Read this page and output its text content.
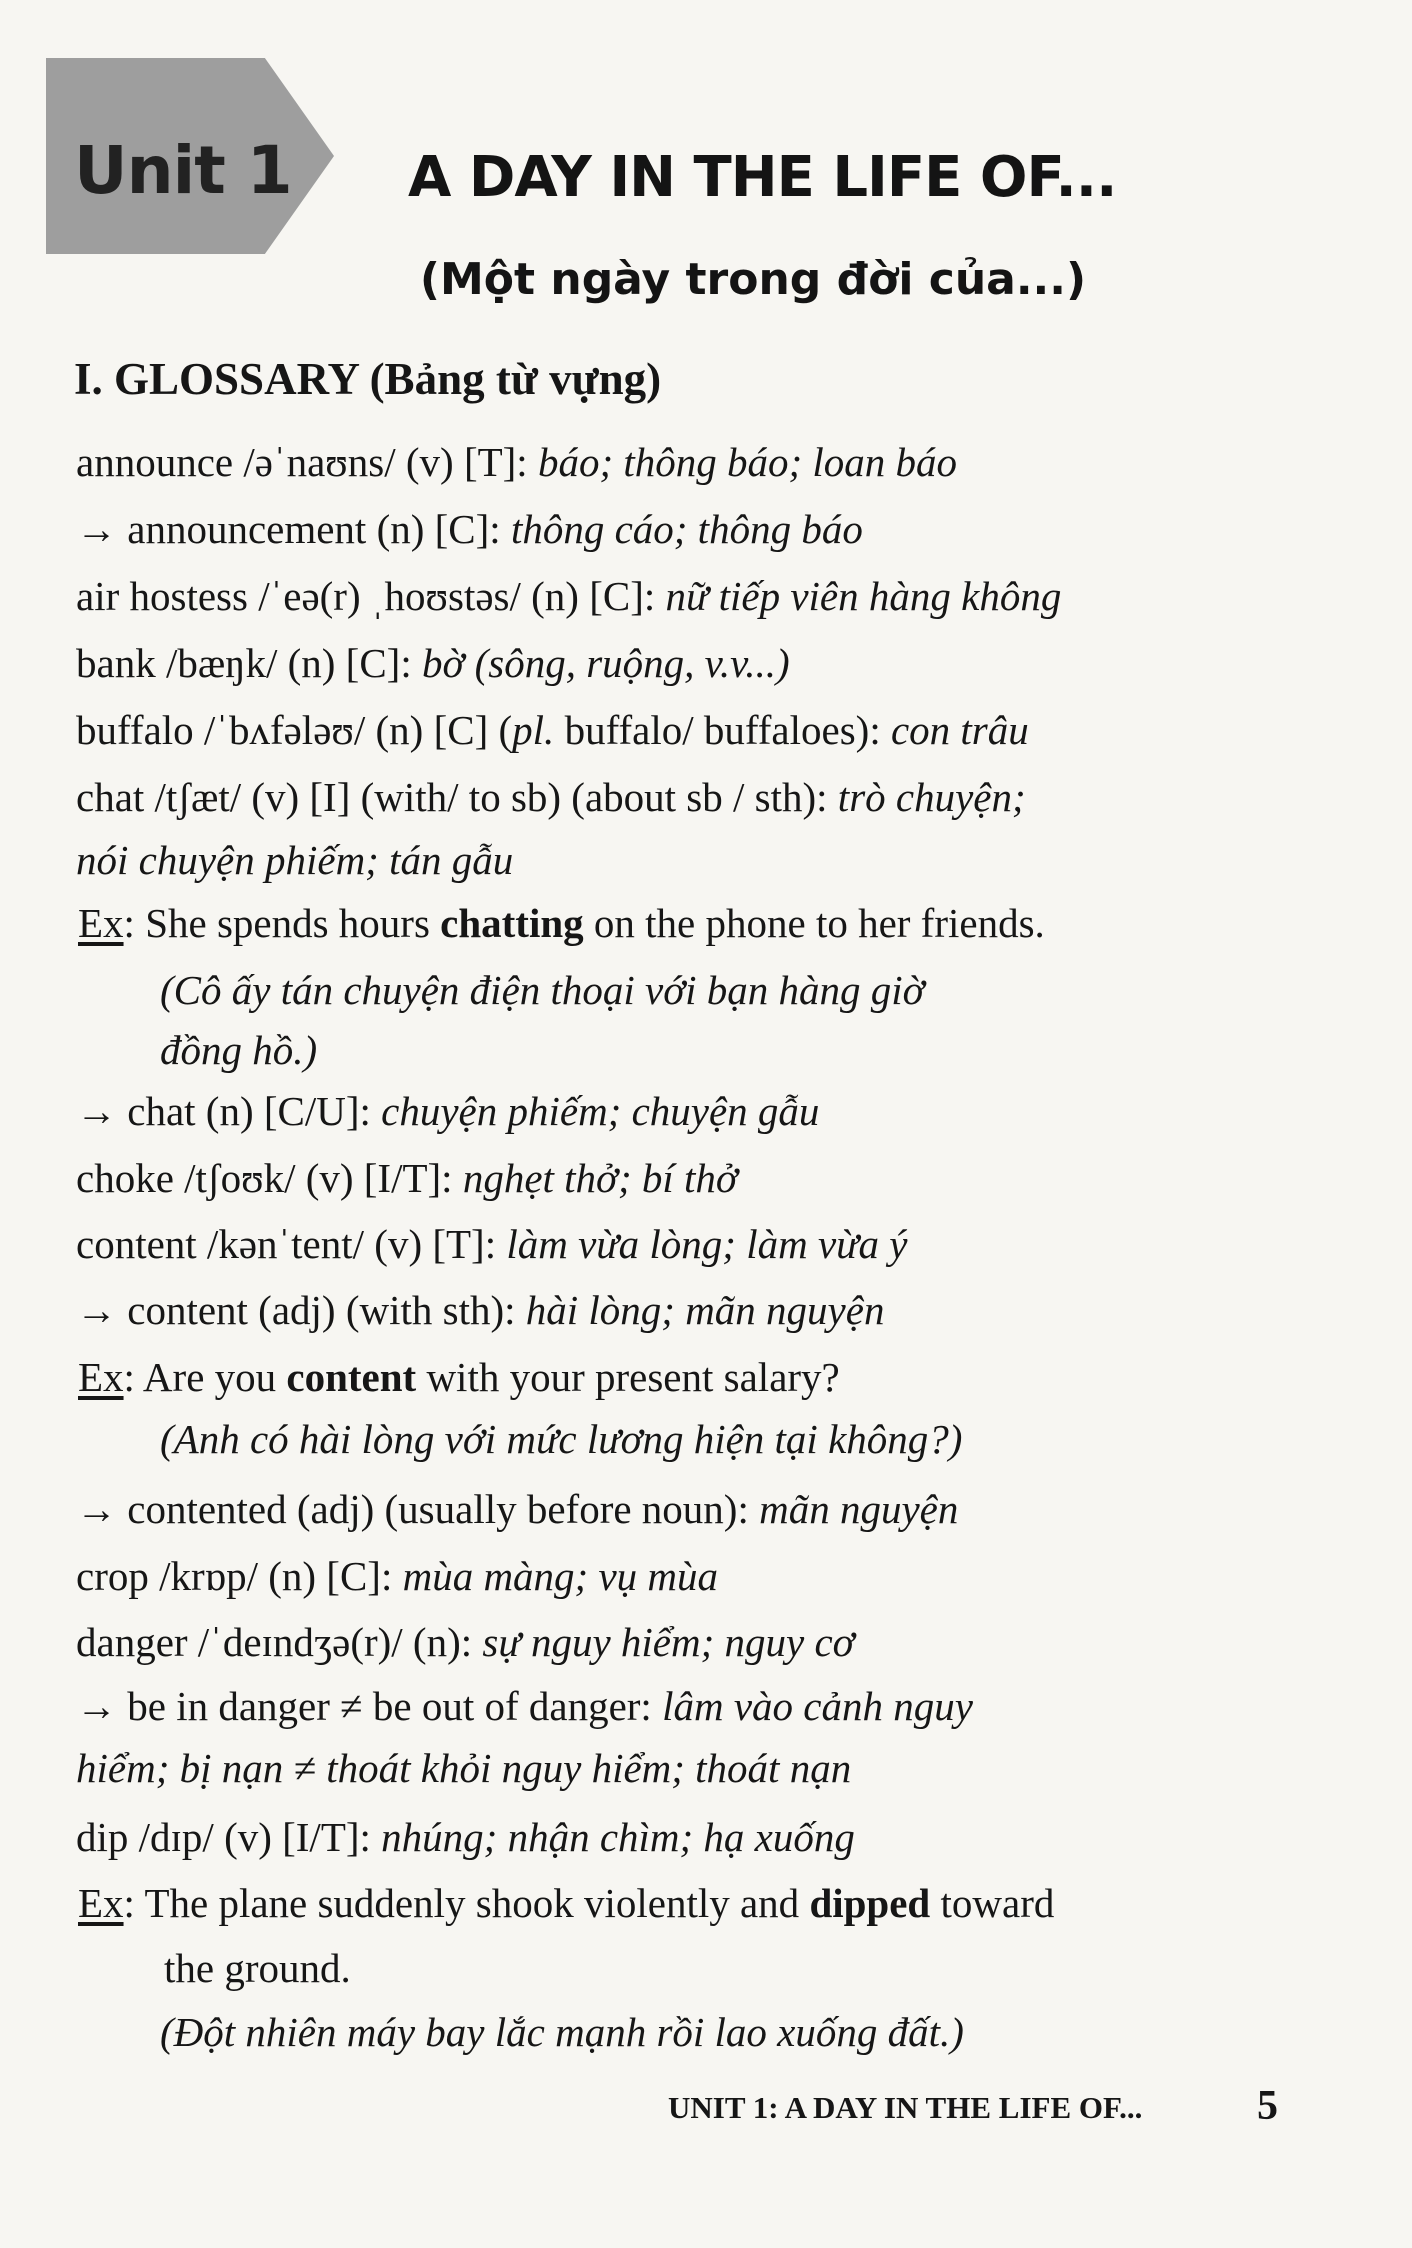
Unit 1 A DAY IN THE LIFE OF...
(Một ngày trong đời của...)
I. GLOSSARY (Bảng từ vựng)
announce /əˈnaʊns/ (v) [T]: báo; thông báo; loan báo
→ announcement (n) [C]: thông cáo; thông báo
air hostess /ˈeə(r) ˌhoʊstəs/ (n) [C]: nữ tiếp viên hàng không
bank /bæŋk/ (n) [C]: bờ (sông, ruộng, v.v...)
buffalo /ˈbʌfələʊ/ (n) [C] (pl. buffalo/ buffaloes): con trâu
chat /tʃæt/ (v) [I] (with/ to sb) (about sb / sth): trò chuyện;
nói chuyện phiếm; tán gẫu
Ex: She spends hours chatting on the phone to her friends.
(Cô ấy tán chuyện điện thoại với bạn hàng giờ
đồng hồ.)
→ chat (n) [C/U]: chuyện phiếm; chuyện gẫu
choke /tʃoʊk/ (v) [I/T]: nghẹt thở; bí thở
content /kənˈtent/ (v) [T]: làm vừa lòng; làm vừa ý
→ content (adj) (with sth): hài lòng; mãn nguyện
Ex: Are you content with your present salary?
(Anh có hài lòng với mức lương hiện tại không?)
→ contented (adj) (usually before noun): mãn nguyện
crop /krɒp/ (n) [C]: mùa màng; vụ mùa
danger /ˈdeɪndʒə(r)/ (n): sự nguy hiểm; nguy cơ
→ be in danger ≠ be out of danger: lâm vào cảnh nguy
hiểm; bị nạn ≠ thoát khỏi nguy hiểm; thoát nạn
dip /dɪp/ (v) [I/T]: nhúng; nhận chìm; hạ xuống
Ex: The plane suddenly shook violently and dipped toward
the ground.
(Đột nhiên máy bay lắc mạnh rồi lao xuống đất.)
UNIT 1: A DAY IN THE LIFE OF...	5
